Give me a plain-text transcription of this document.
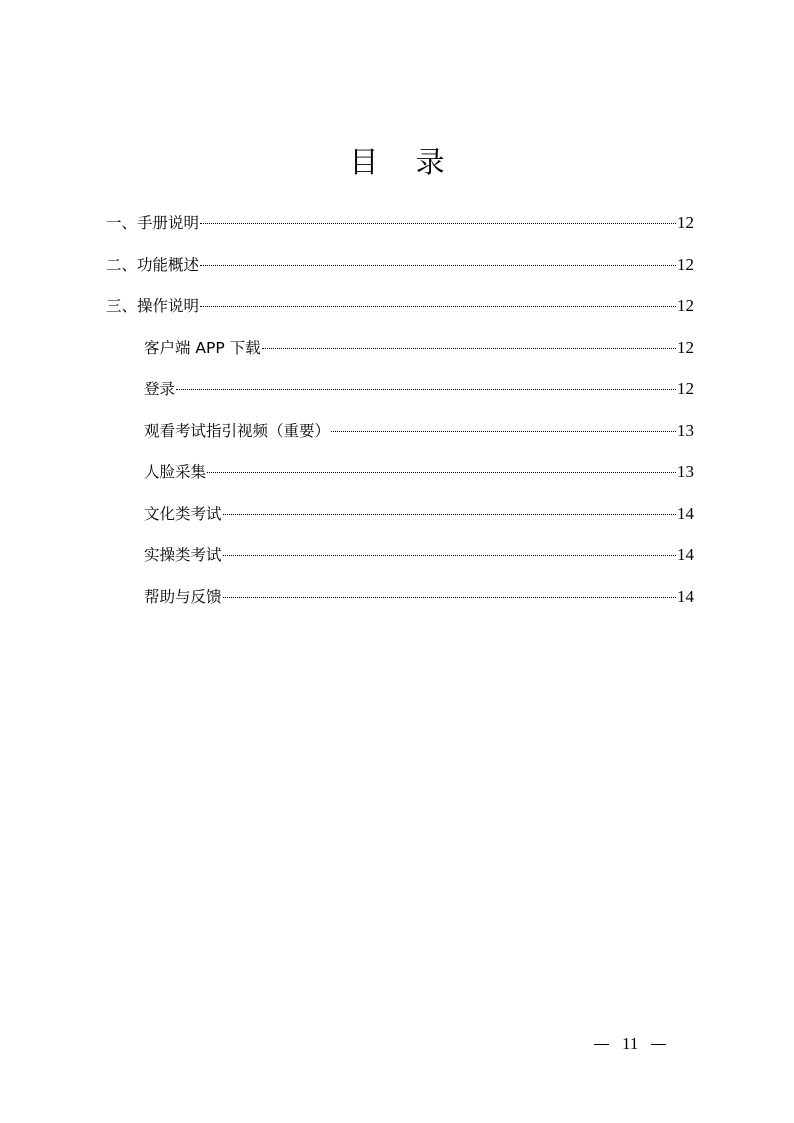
目 录
一、手册说明	12
二、功能概述	12
三、操作说明	12
客户端 APP 下载	12
登录	12
观看考试指引视频（重要）	13
人脸采集	13
文化类考试	14
实操类考试	14
帮助与反馈	14
11
